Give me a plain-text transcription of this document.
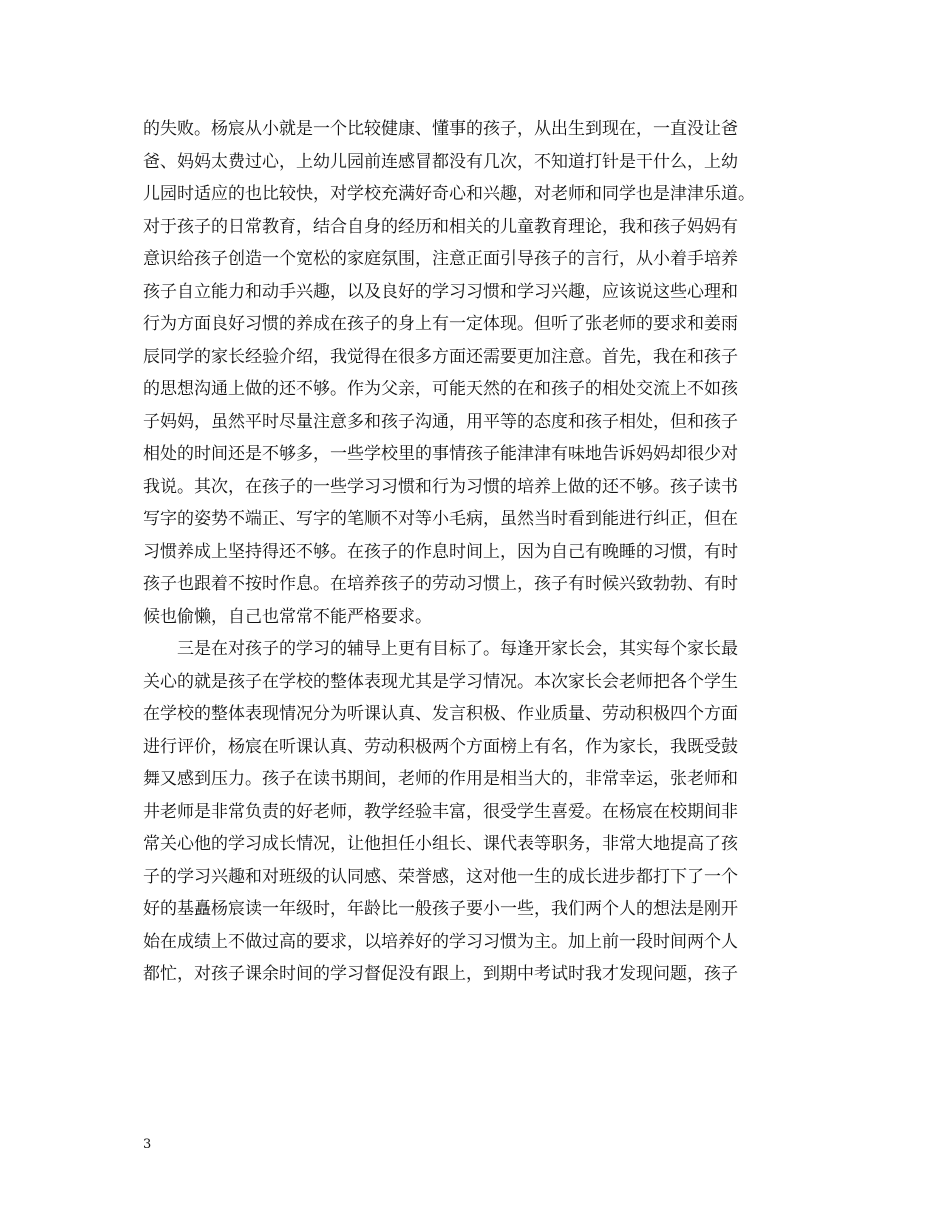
的失败。杨宸从小就是一个比较健康、懂事的孩子，从出生到现在，一直没让爸
爸、妈妈太费过心，上幼儿园前连感冒都没有几次，不知道打针是干什么，上幼
儿园时适应的也比较快，对学校充满好奇心和兴趣，对老师和同学也是津津乐道。
对于孩子的日常教育，结合自身的经历和相关的儿童教育理论，我和孩子妈妈有
意识给孩子创造一个宽松的家庭氛围，注意正面引导孩子的言行，从小着手培养
孩子自立能力和动手兴趣，以及良好的学习习惯和学习兴趣，应该说这些心理和
行为方面良好习惯的养成在孩子的身上有一定体现。但听了张老师的要求和姜雨
辰同学的家长经验介绍，我觉得在很多方面还需要更加注意。首先，我在和孩子
的思想沟通上做的还不够。作为父亲，可能天然的在和孩子的相处交流上不如孩
子妈妈，虽然平时尽量注意多和孩子沟通，用平等的态度和孩子相处，但和孩子
相处的时间还是不够多，一些学校里的事情孩子能津津有味地告诉妈妈却很少对
我说。其次，在孩子的一些学习习惯和行为习惯的培养上做的还不够。孩子读书
写字的姿势不端正、写字的笔顺不对等小毛病，虽然当时看到能进行纠正，但在
习惯养成上坚持得还不够。在孩子的作息时间上，因为自己有晚睡的习惯，有时
孩子也跟着不按时作息。在培养孩子的劳动习惯上，孩子有时候兴致勃勃、有时
候也偷懒，自己也常常不能严格要求。
　　三是在对孩子的学习的辅导上更有目标了。每逢开家长会，其实每个家长最
关心的就是孩子在学校的整体表现尤其是学习情况。本次家长会老师把各个学生
在学校的整体表现情况分为听课认真、发言积极、作业质量、劳动积极四个方面
进行评价，杨宸在听课认真、劳动积极两个方面榜上有名，作为家长，我既受鼓
舞又感到压力。孩子在读书期间，老师的作用是相当大的，非常幸运，张老师和
井老师是非常负责的好老师，教学经验丰富，很受学生喜爱。在杨宸在校期间非
常关心他的学习成长情况，让他担任小组长、课代表等职务，非常大地提高了孩
子的学习兴趣和对班级的认同感、荣誉感，这对他一生的成长进步都打下了一个
好的基矗杨宸读一年级时，年龄比一般孩子要小一些，我们两个人的想法是刚开
始在成绩上不做过高的要求，以培养好的学习习惯为主。加上前一段时间两个人
都忙，对孩子课余时间的学习督促没有跟上，到期中考试时我才发现问题，孩子
3
